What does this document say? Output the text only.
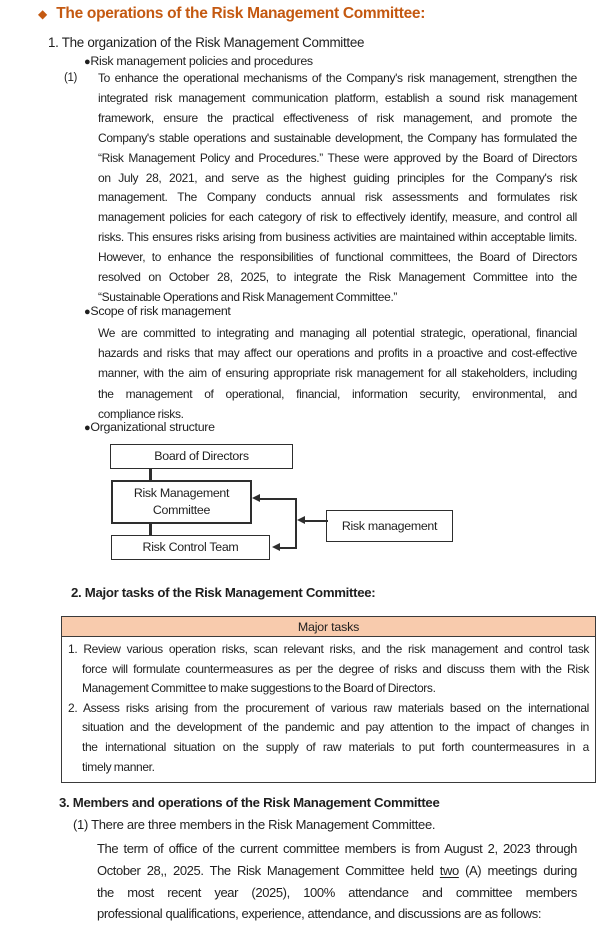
◆ The operations of the Risk Management Committee:
1. The organization of the Risk Management Committee
●Risk management policies and procedures
(1) To enhance the operational mechanisms of the Company's risk management, strengthen the
integrated risk management communication platform, establish a sound risk management
framework, ensure the practical effectiveness of risk management, and promote the
Company's stable operations and sustainable development, the Company has formulated the
“Risk Management Policy and Procedures.” These were approved by the Board of Directors
on July 28, 2021, and serve as the highest guiding principles for the Company's risk
management. The Company conducts annual risk assessments and formulates risk
management policies for each category of risk to effectively identify, measure, and control all
risks. This ensures risks arising from business activities are maintained within acceptable limits.
However, to enhance the responsibilities of functional committees, the Board of Directors
resolved on October 28, 2025, to integrate the Risk Management Committee into the
“Sustainable Operations and Risk Management Committee.”
●Scope of risk management
We are committed to integrating and managing all potential strategic, operational, financial
hazards and risks that may affect our operations and profits in a proactive and cost-effective
manner, with the aim of ensuring appropriate risk management for all stakeholders, including
the management of operational, financial, information security, environmental, and
compliance risks.
●Organizational structure
Board of Directors
Risk Management Committee
Risk Control Team
Risk management
2. Major tasks of the Risk Management Committee:
Major tasks
1. Review various operation risks, scan relevant risks, and the risk management and control task
force will formulate countermeasures as per the degree of risks and discuss them with the Risk
Management Committee to make suggestions to the Board of Directors.
2. Assess risks arising from the procurement of various raw materials based on the international
situation and the development of the pandemic and pay attention to the impact of changes in
the international situation on the supply of raw materials to put forth countermeasures in a
timely manner.
3. Members and operations of the Risk Management Committee
(1) There are three members in the Risk Management Committee.
The term of office of the current committee members is from August 2, 2023 through
October 28,, 2025. The Risk Management Committee held two (A) meetings during
the most recent year (2025), 100% attendance and committee members
professional qualifications, experience, attendance, and discussions are as follows:
